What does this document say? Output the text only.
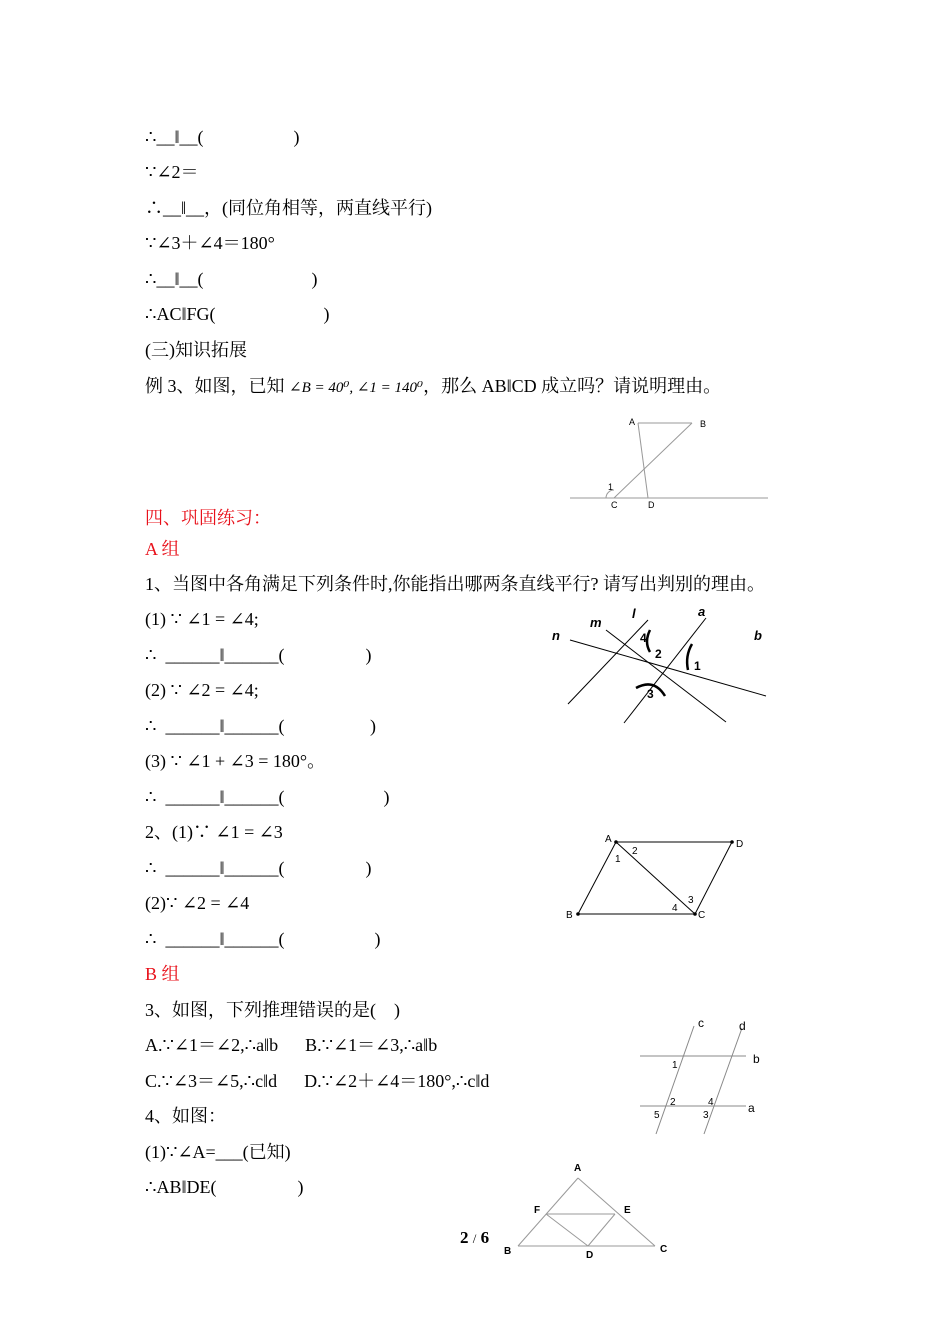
∴__‖__(                    )
∵∠2＝
∴__‖__，(同位角相等，两直线平行)
∵∠3＋∠4＝180°
∴__‖__(                        )
∴AC‖FG(                        )
(三)知识拓展
例 3、如图，已知 ∠B = 40⁰, ∠1 = 140⁰，那么 AB‖CD 成立吗？请说明理由。
A	B
C	D
1
四、巩固练习：
A 组
1、当图中各角满足下列条件时,你能指出哪两条直线平行? 请写出判别的理由。
(1) ∵ ∠1 = ∠4;
∴  ______‖______(                  )
(2) ∵ ∠2 = ∠4;
∴  ______‖______(                   )
(3) ∵ ∠1 + ∠3 = 180°。
∴  ______‖______(                      )
l	a
m
n	b
4
2
1
3
2、(1)∵ ∠1 = ∠3
∴  ______‖______(                  )
(2)∵ ∠2 = ∠4
∴  ______‖______(                    )
A	D
B	C
1
2
3
4
B 组
3、如图，下列推理错误的是(    )
A.∵∠1＝∠2,∴a‖b      B.∵∠1＝∠3,∴a‖b
C.∵∠3＝∠5,∴c‖d      D.∵∠2＋∠4＝180°,∴c‖d
c	d
b
a
1
2
5
4
3
4、如图：
(1)∵∠A=___(已知)
∴AB‖DE(                  )
A
F	E
B	D
C
2 / 6
